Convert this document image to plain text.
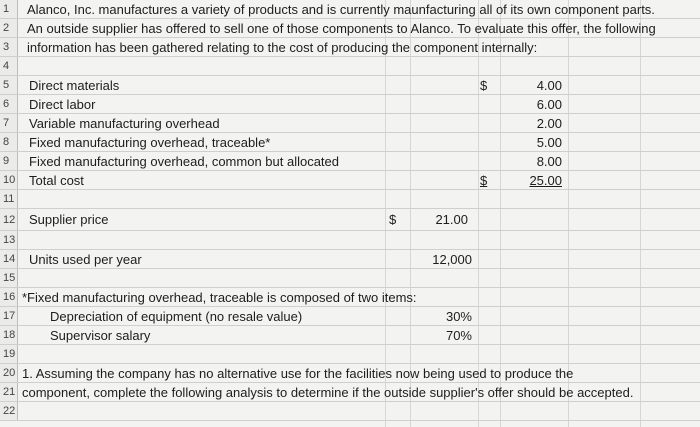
1	Alanco, Inc. manufactures a variety of products and is currently maunfacturing all of its own component parts.
2	An outside supplier has offered to sell one of those components to Alanco. To evaluate this offer, the following
3	information has been gathered relating to the cost of producing the component internally:
4
5	Direct materials	$	4.00
6	Direct labor	6.00
7	Variable manufacturing overhead	2.00
8	Fixed manufacturing overhead, traceable*	5.00
9	Fixed manufacturing overhead, common but allocated	8.00
10 Total cost	$	25.00
11
12 Supplier price	$	21.00
13
14 Units used per year	12,000
15
16 *Fixed manufacturing overhead, traceable is composed of two items:
17	Depreciation of equipment (no resale value)	30%
18	Supervisor salary	70%
19
20 1. Assuming the company has no alternative use for the facilities now being used to produce the
21 component, complete the following analysis to determine if the outside supplier's offer should be accepted.
22
